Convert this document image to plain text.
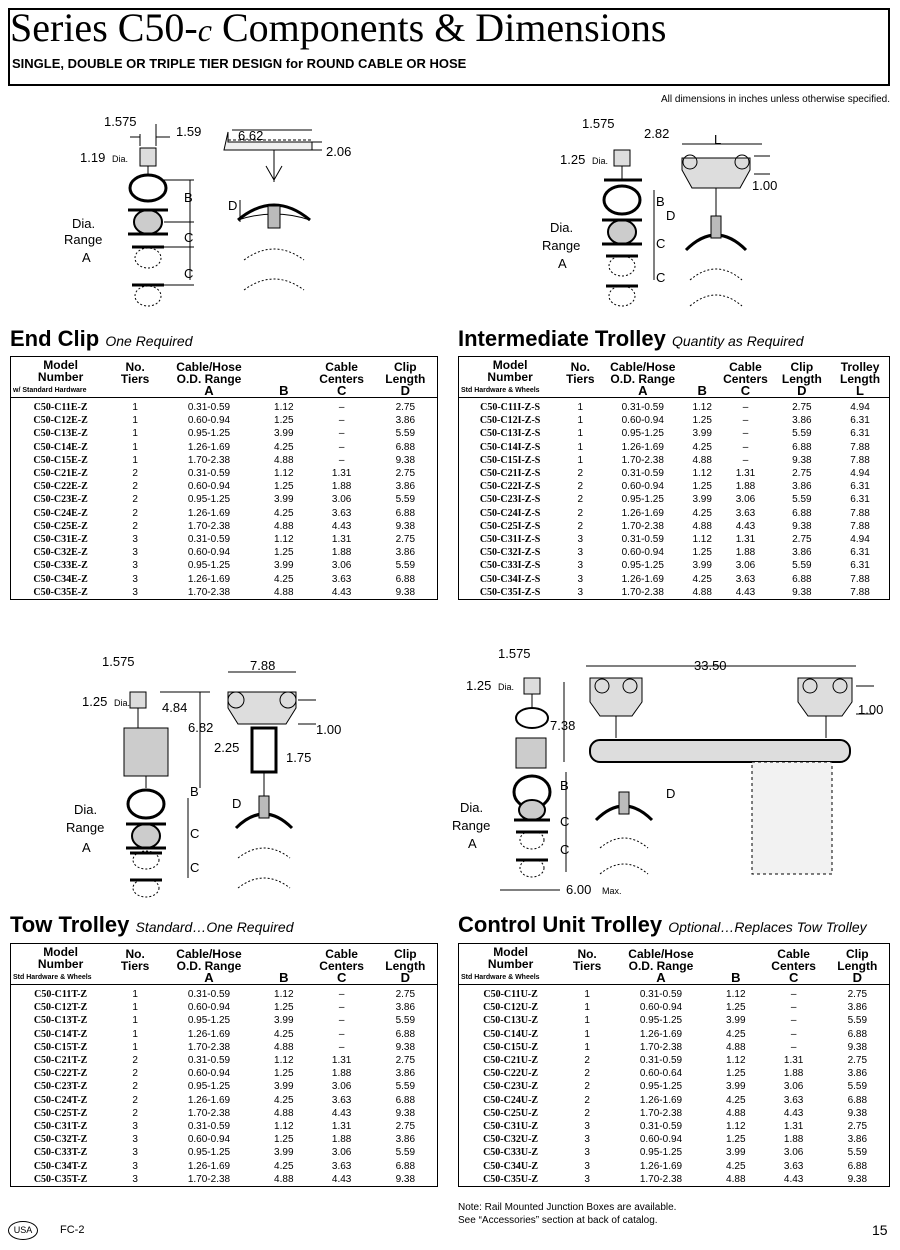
Series C50-c Components & Dimensions
SINGLE, DOUBLE OR TRIPLE TIER DESIGN for ROUND CABLE OR HOSE
All dimensions in inches unless otherwise specified.
1.575
1.59
1.19 Dia.
6.62
2.06
B
C
C
D
Dia.
Range
A
1.575
2.82
1.25 Dia.
L
1.00
B
C
C
D
Dia.
Range
A
End Clip One Required	Intermediate Trolley Quantity as Required
Model
Number
w/ Standard Hardware	No.
Tiers	Cable/Hose
O.D. Range
A	B	Cable
Centers
C	Clip
Length
D

C50-C11E-Z	1	0.31-0.59	1.12	–	2.75
C50-C12E-Z	1	0.60-0.94	1.25	–	3.86
C50-C13E-Z	1	0.95-1.25	3.99	–	5.59
C50-C14E-Z	1	1.26-1.69	4.25	–	6.88
C50-C15E-Z	1	1.70-2.38	4.88	–	9.38
C50-C21E-Z	2	0.31-0.59	1.12	1.31	2.75
C50-C22E-Z	2	0.60-0.94	1.25	1.88	3.86
C50-C23E-Z	2	0.95-1.25	3.99	3.06	5.59
C50-C24E-Z	2	1.26-1.69	4.25	3.63	6.88
C50-C25E-Z	2	1.70-2.38	4.88	4.43	9.38
C50-C31E-Z	3	0.31-0.59	1.12	1.31	2.75
C50-C32E-Z	3	0.60-0.94	1.25	1.88	3.86
C50-C33E-Z	3	0.95-1.25	3.99	3.06	5.59
C50-C34E-Z	3	1.26-1.69	4.25	3.63	6.88
C50-C35E-Z	3	1.70-2.38	4.88	4.43	9.38
Model
Number
Std Hardware & Wheels	No.
Tiers	Cable/Hose
O.D. Range
A	B	Cable
Centers
C	Clip
Length
D	Trolley
Length
L

C50-C11I-Z-S	1	0.31-0.59	1.12	–	2.75	4.94
C50-C12I-Z-S	1	0.60-0.94	1.25	–	3.86	6.31
C50-C13I-Z-S	1	0.95-1.25	3.99	–	5.59	6.31
C50-C14I-Z-S	1	1.26-1.69	4.25	–	6.88	7.88
C50-C15I-Z-S	1	1.70-2.38	4.88	–	9.38	7.88
C50-C21I-Z-S	2	0.31-0.59	1.12	1.31	2.75	4.94
C50-C22I-Z-S	2	0.60-0.94	1.25	1.88	3.86	6.31
C50-C23I-Z-S	2	0.95-1.25	3.99	3.06	5.59	6.31
C50-C24I-Z-S	2	1.26-1.69	4.25	3.63	6.88	7.88
C50-C25I-Z-S	2	1.70-2.38	4.88	4.43	9.38	7.88
C50-C31I-Z-S	3	0.31-0.59	1.12	1.31	2.75	4.94
C50-C32I-Z-S	3	0.60-0.94	1.25	1.88	3.86	6.31
C50-C33I-Z-S	3	0.95-1.25	3.99	3.06	5.59	6.31
C50-C34I-Z-S	3	1.26-1.69	4.25	3.63	6.88	7.88
C50-C35I-Z-S	3	1.70-2.38	4.88	4.43	9.38	7.88
1.575
4.84
1.25 Dia.
6.82
7.88
1.00
2.25
1.75
B
C
C
D
Dia.
Range
A
1.575
33.50
1.25 Dia.
7.38
1.00
6.00 Max.
B
C
C
D
Dia.
Range
A
Tow Trolley Standard…One Required	Control Unit Trolley Optional…Replaces Tow Trolley
Model
Number
Std Hardware & Wheels	No.
Tiers	Cable/Hose
O.D. Range
A	B	Cable
Centers
C	Clip
Length
D

C50-C11T-Z	1	0.31-0.59	1.12	–	2.75
C50-C12T-Z	1	0.60-0.94	1.25	–	3.86
C50-C13T-Z	1	0.95-1.25	3.99	–	5.59
C50-C14T-Z	1	1.26-1.69	4.25	–	6.88
C50-C15T-Z	1	1.70-2.38	4.88	–	9.38
C50-C21T-Z	2	0.31-0.59	1.12	1.31	2.75
C50-C22T-Z	2	0.60-0.94	1.25	1.88	3.86
C50-C23T-Z	2	0.95-1.25	3.99	3.06	5.59
C50-C24T-Z	2	1.26-1.69	4.25	3.63	6.88
C50-C25T-Z	2	1.70-2.38	4.88	4.43	9.38
C50-C31T-Z	3	0.31-0.59	1.12	1.31	2.75
C50-C32T-Z	3	0.60-0.94	1.25	1.88	3.86
C50-C33T-Z	3	0.95-1.25	3.99	3.06	5.59
C50-C34T-Z	3	1.26-1.69	4.25	3.63	6.88
C50-C35T-Z	3	1.70-2.38	4.88	4.43	9.38
Model
Number
Std Hardware & Wheels	No.
Tiers	Cable/Hose
O.D. Range
A	B	Cable
Centers
C	Clip
Length
D

C50-C11U-Z	1	0.31-0.59	1.12	–	2.75
C50-C12U-Z	1	0.60-0.94	1.25	–	3.86
C50-C13U-Z	1	0.95-1.25	3.99	–	5.59
C50-C14U-Z	1	1.26-1.69	4.25	–	6.88
C50-C15U-Z	1	1.70-2.38	4.88	–	9.38
C50-C21U-Z	2	0.31-0.59	1.12	1.31	2.75
C50-C22U-Z	2	0.60-0.64	1.25	1.88	3.86
C50-C23U-Z	2	0.95-1.25	3.99	3.06	5.59
C50-C24U-Z	2	1.26-1.69	4.25	3.63	6.88
C50-C25U-Z	2	1.70-2.38	4.88	4.43	9.38
C50-C31U-Z	3	0.31-0.59	1.12	1.31	2.75
C50-C32U-Z	3	0.60-0.94	1.25	1.88	3.86
C50-C33U-Z	3	0.95-1.25	3.99	3.06	5.59
C50-C34U-Z	3	1.26-1.69	4.25	3.63	6.88
C50-C35U-Z	3	1.70-2.38	4.88	4.43	9.38
Note: Rail Mounted Junction Boxes are available.
See “Accessories” section at back of catalog.
USA	FC-2	15
